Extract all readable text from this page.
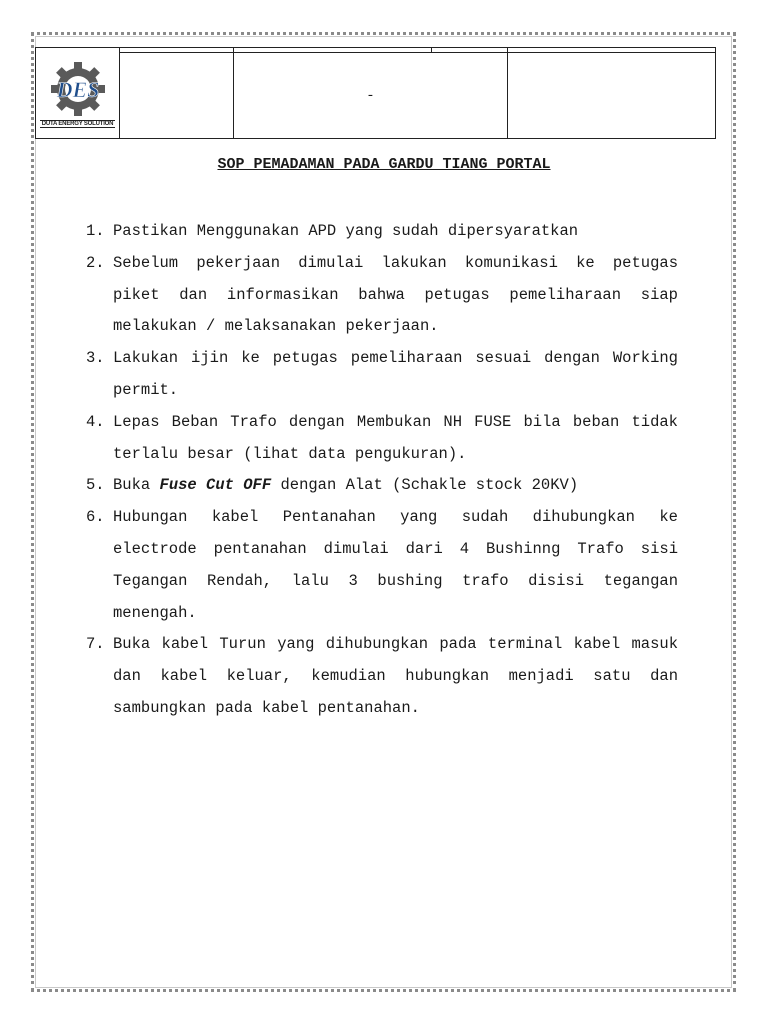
DES
DUTA ENERGY SOLUTION				

		-		
SOP PEMADAMAN PADA GARDU TIANG PORTAL
1. Pastikan Menggunakan APD yang sudah dipersyaratkan
2. Sebelum pekerjaan dimulai lakukan komunikasi ke petugas piket dan informasikan bahwa petugas pemeliharaan siap melakukan / melaksanakan pekerjaan.
3. Lakukan ijin ke petugas pemeliharaan sesuai dengan Working permit.
4. Lepas Beban Trafo dengan Membukan NH FUSE bila beban tidak terlalu besar (lihat data pengukuran).
5. Buka Fuse Cut OFF dengan Alat (Schakle stock 20KV)
6. Hubungan kabel Pentanahan yang sudah dihubungkan ke electrode pentanahan dimulai dari 4 Bushinng Trafo sisi Tegangan Rendah, lalu 3 bushing trafo disisi tegangan menengah.
7. Buka kabel Turun yang dihubungkan pada terminal kabel masuk dan kabel keluar, kemudian hubungkan menjadi satu dan sambungkan pada kabel pentanahan.
